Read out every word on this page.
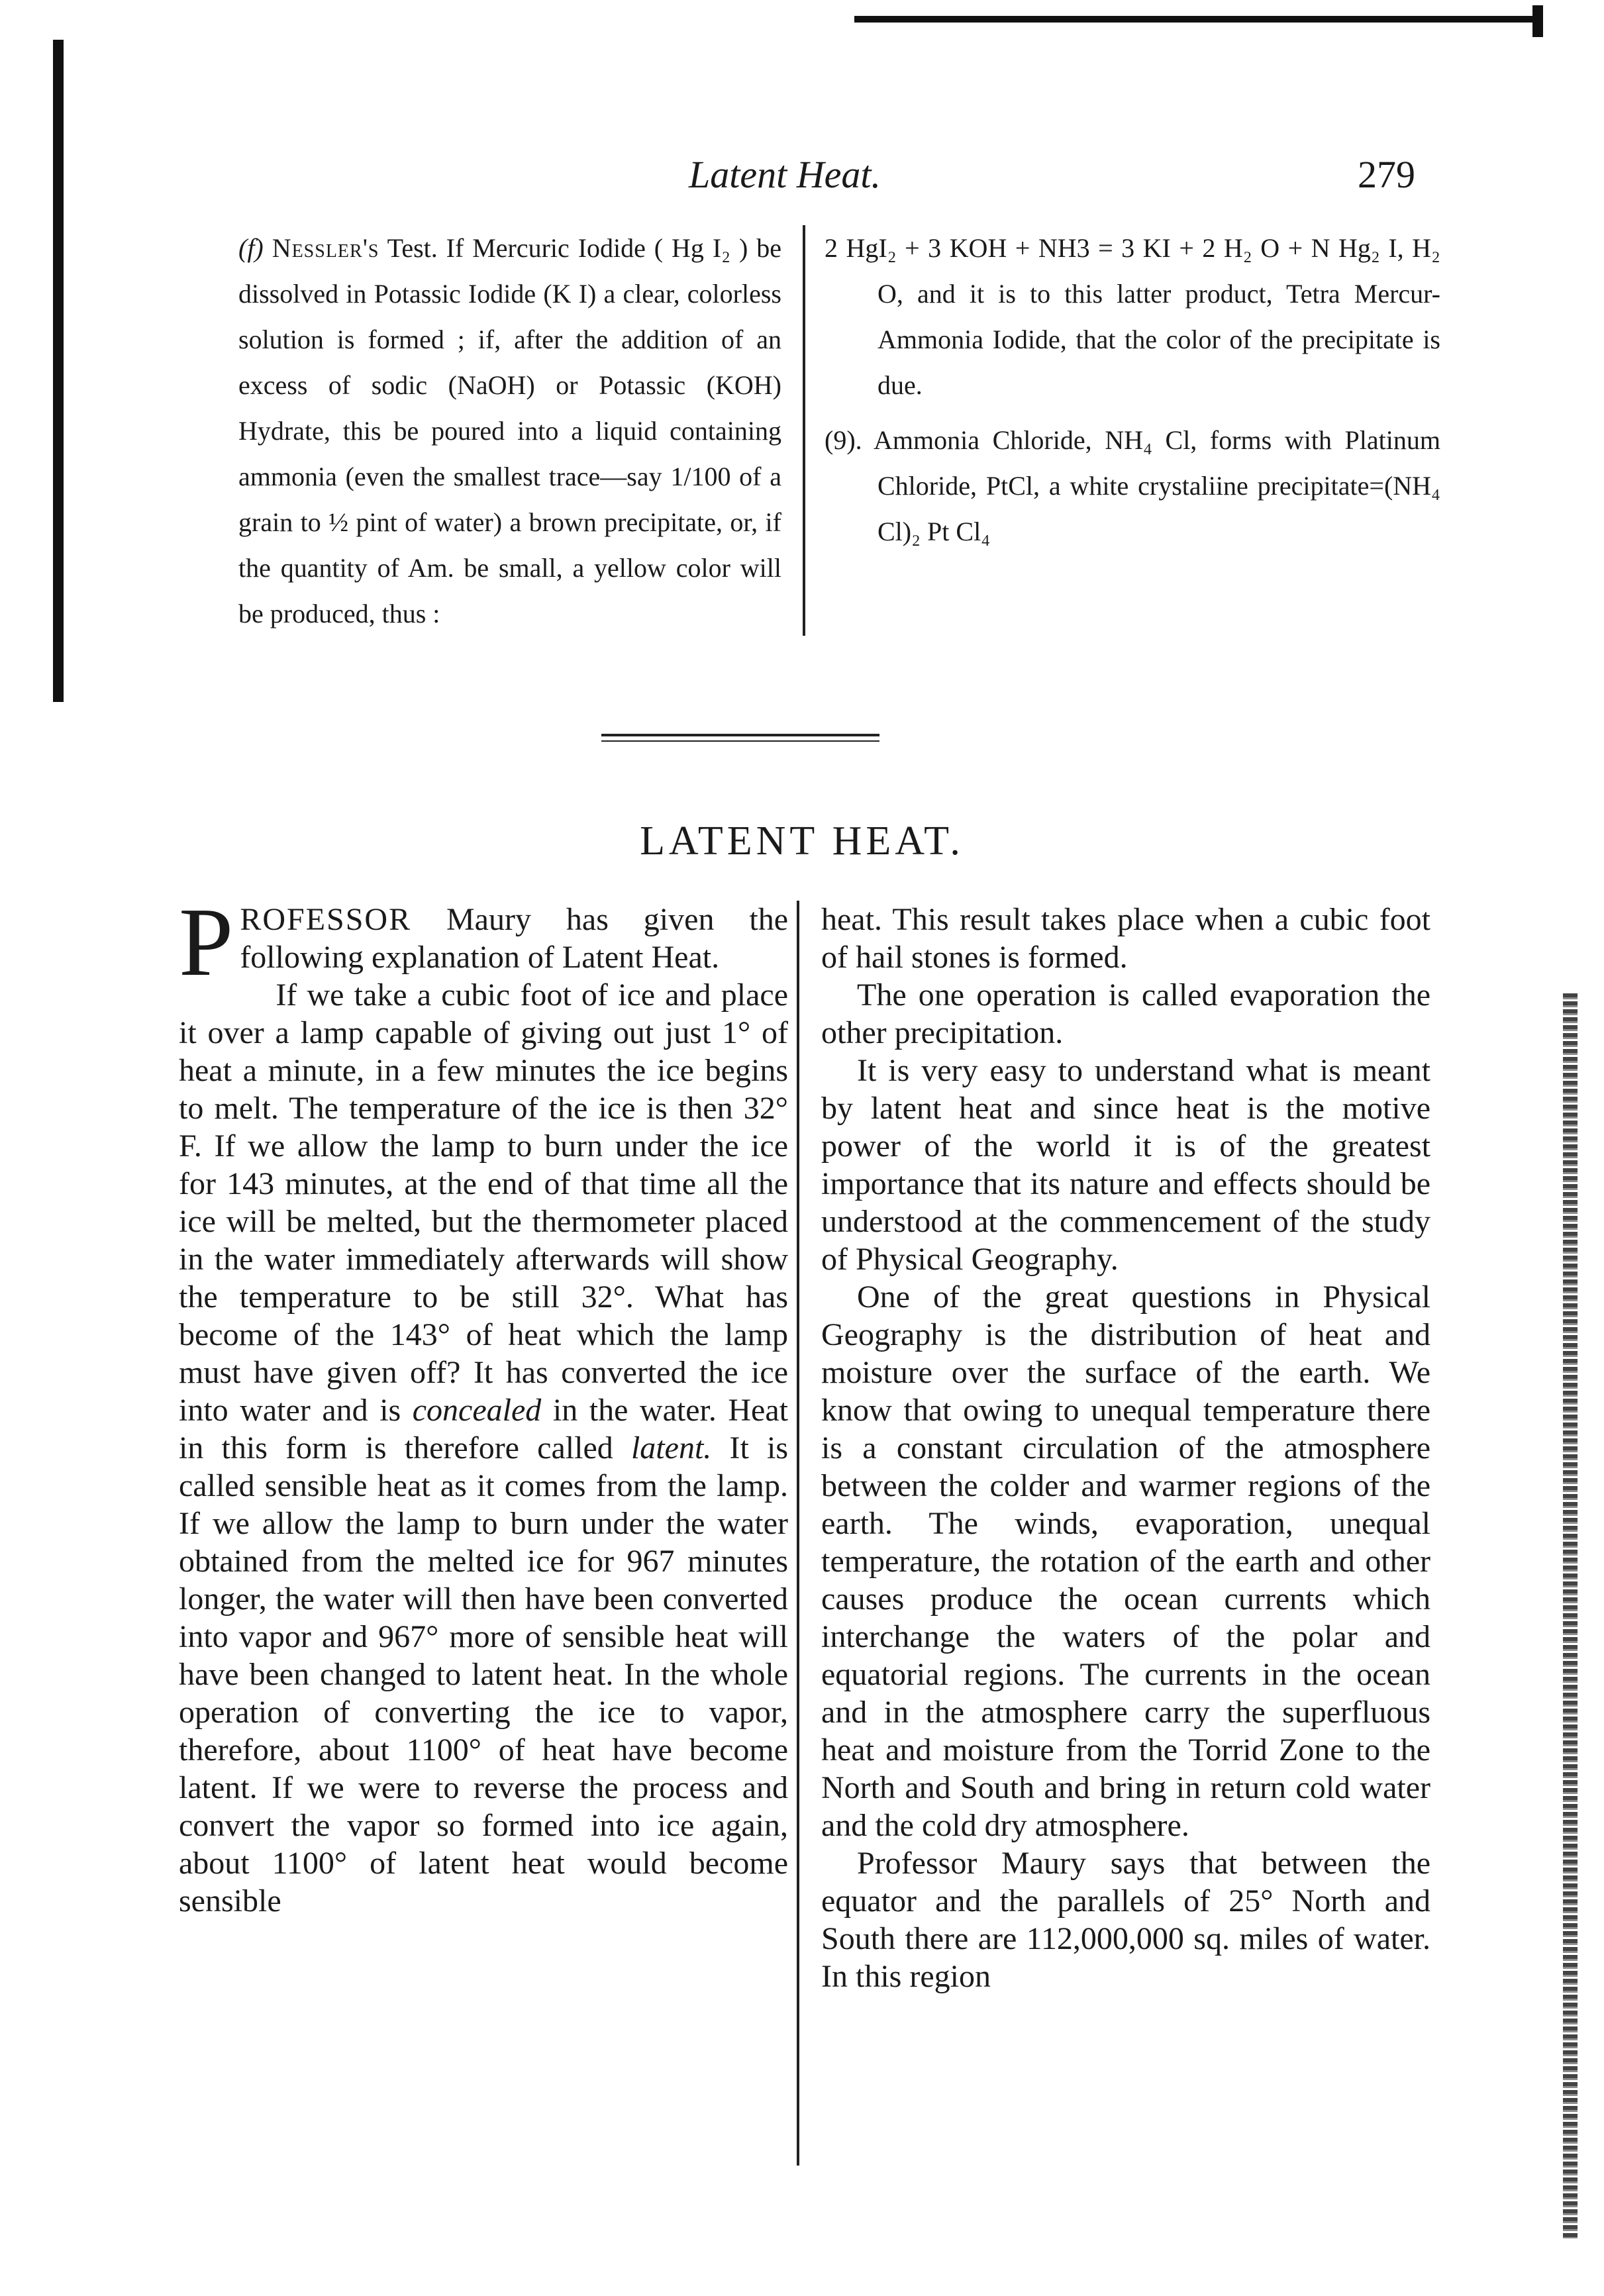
Latent Heat.	279

(f) Nessler's Test. If Mercuric Iodide ( Hg I₂ ) be dissolved in Potassic Iodide (K I) a clear, colorless solution is formed ; if, after the addition of an excess of sodic (NaOH) or Potassic (KOH) Hydrate, this be poured into a liquid containing ammonia (even the smallest trace—say 1/100 of a grain to ½ pint of water) a brown precipitate, or, if the quantity of Am. be small, a yellow color will be produced, thus :

2 HgI₂ + 3 KOH + NH3 = 3 KI + 2 H₂ O + N Hg₂ I, H₂ O, and it is to this latter product, Tetra Mercur-Ammonia Iodide, that the color of the precipitate is due.

(9). Ammonia Chloride, NH₄ Cl, forms with Platinum Chloride, PtCl, a white crystaliine precipitate=(NH₄ Cl)₂ Pt Cl₄

LATENT HEAT.

PROFESSOR Maury has given the following explanation of Latent Heat.

If we take a cubic foot of ice and place it over a lamp capable of giving out just 1° of heat a minute, in a few minutes the ice begins to melt. The temperature of the ice is then 32° F. If we allow the lamp to burn under the ice for 143 minutes, at the end of that time all the ice will be melted, but the thermometer placed in the water immediately afterwards will show the temperature to be still 32°. What has become of the 143° of heat which the lamp must have given off? It has converted the ice into water and is concealed in the water. Heat in this form is therefore called latent. It is called sensible heat as it comes from the lamp. If we allow the lamp to burn under the water obtained from the melted ice for 967 minutes longer, the water will then have been converted into vapor and 967° more of sensible heat will have been changed to latent heat. In the whole operation of converting the ice to vapor, therefore, about 1100° of heat have become latent. If we were to reverse the process and convert the vapor so formed into ice again, about 1100° of latent heat would become sensible

heat. This result takes place when a cubic foot of hail stones is formed.

The one operation is called evaporation the other precipitation.

It is very easy to understand what is meant by latent heat and since heat is the motive power of the world it is of the greatest importance that its nature and effects should be understood at the commencement of the study of Physical Geography.

One of the great questions in Physical Geography is the distribution of heat and moisture over the surface of the earth. We know that owing to unequal temperature there is a constant circulation of the atmosphere between the colder and warmer regions of the earth. The winds, evaporation, unequal temperature, the rotation of the earth and other causes produce the ocean currents which interchange the waters of the polar and equatorial regions. The currents in the ocean and in the atmosphere carry the superfluous heat and moisture from the Torrid Zone to the North and South and bring in return cold water and the cold dry atmosphere.

Professor Maury says that between the equator and the parallels of 25° North and South there are 112,000,000 sq. miles of water. In this region
